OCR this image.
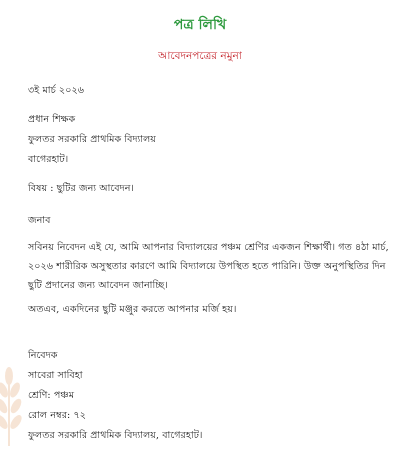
পত্র লিখি
আবেদনপত্রের নমুনা
৩ই মার্চ ২০২৬
প্রধান শিক্ষক
ফুলতর সরকারি প্রাথমিক বিদ্যালয়
বাগেরহাট।
বিষয় : ছুটির জন্য আবেদন।
জনাব
সবিনয় নিবেদন এই যে, আমি আপনার বিদ্যালয়ের পঞ্চম শ্রেণির একজন শিক্ষার্থী। গত ৪ঠা মার্চ, ২০২৬ শারীরিক অসুস্থতার কারণে আমি বিদ্যালয়ে উপস্থিত হতে পারিনি। উক্ত অনুপস্থিতির দিন ছুটি প্রদানের জন্য আবেদন জানাচ্ছি।
অতএব, একদিনের ছুটি মঞ্জুর করতে আপনার মর্জি হয়।
নিবেদক
সাবেরা সাবিহা
শ্রেণি: পঞ্চম
রোল নম্বর: ৭২
ফুলতর সরকারি প্রাথমিক বিদ্যালয়, বাগেরহাট।
